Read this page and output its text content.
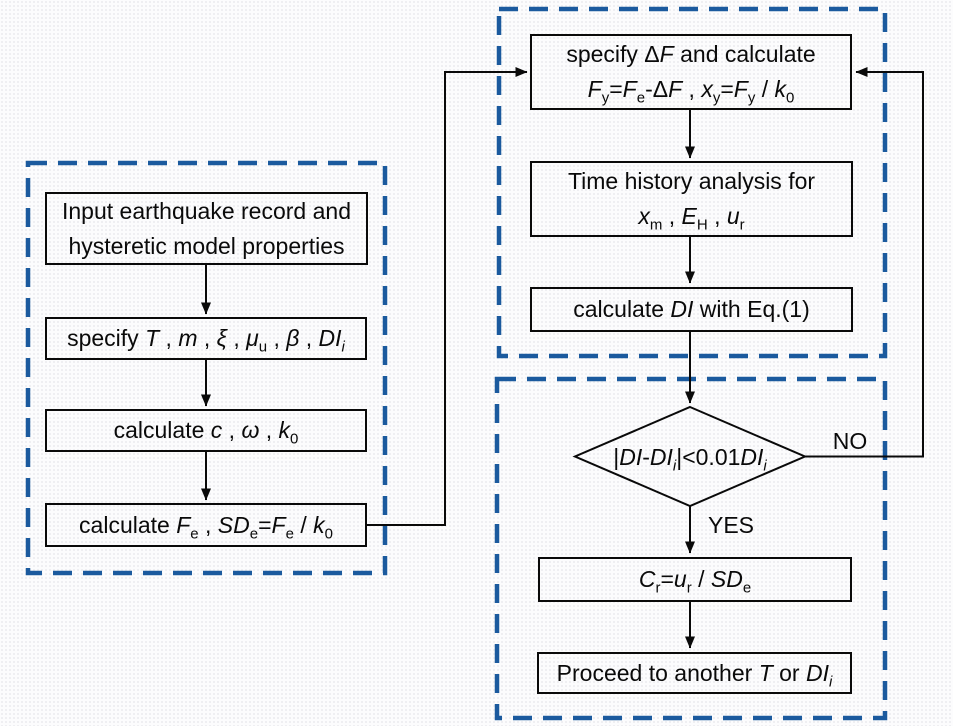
Input earthquake record and
hysteretic model properties
specify T , m , ξ , $\mu_u$ , β , $DI_i$
calculate c , ω , $k_0$
calculate $F_e$ , $SD_e=F_e / k_0$
specify ΔF and calculate
$F_y=F_e-\Delta F$ , $x_y=F_y / k_0$
Time history analysis for
$x_m$ , $E_H$ , $u_r$
calculate DI with Eq.(1)
$|DI-DI_i|<0.01DI_i$
NO
YES
$C_r=u_r / SD_e$
Proceed to another T or $DI_i$
